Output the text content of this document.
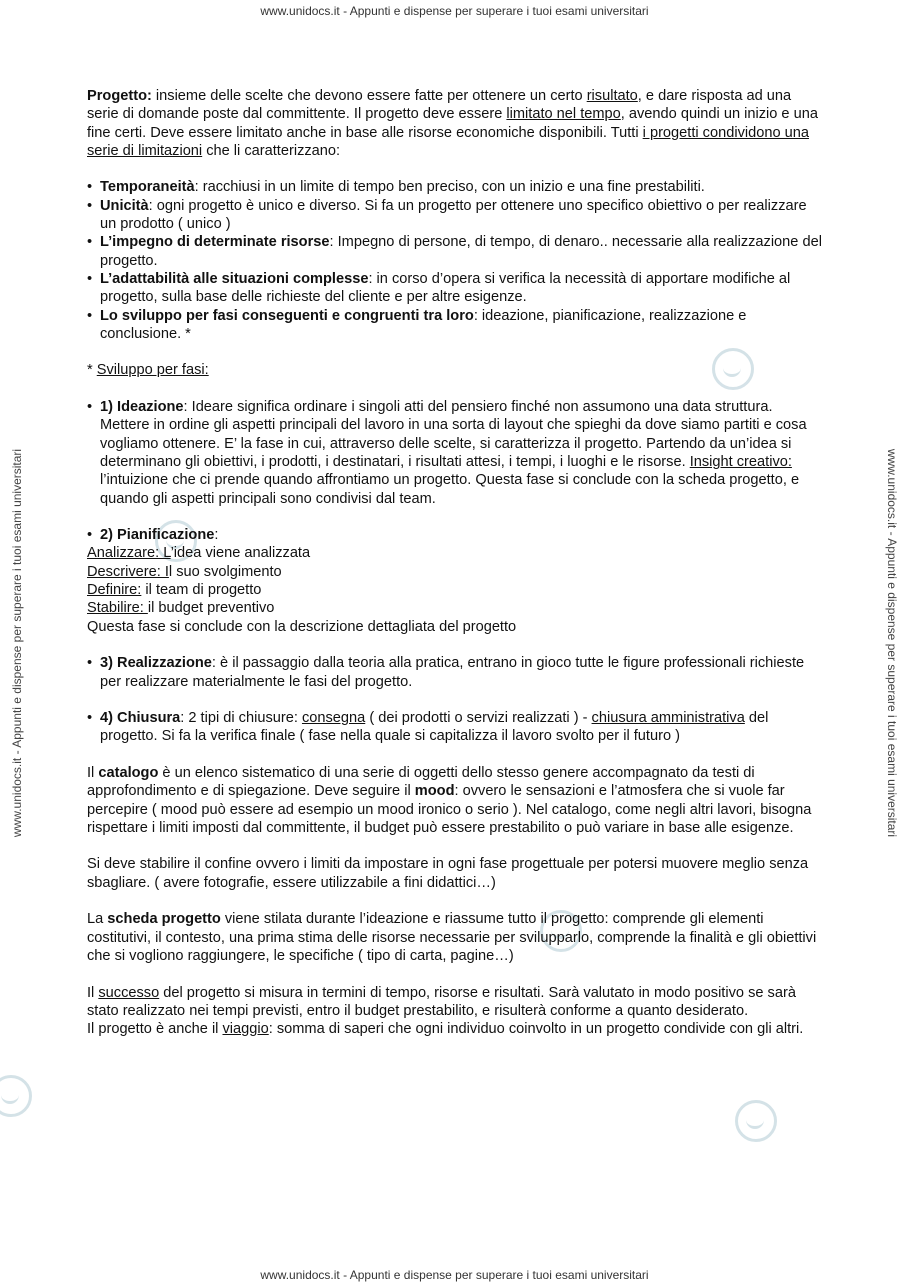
www.unidocs.it - Appunti e dispense per superare i tuoi esami universitari
www.unidocs.it - Appunti e dispense per superare i tuoi esami universitari
www.unidocs.it - Appunti e dispense per superare i tuoi esami universitari	www.unidocs.it - Appunti e dispense per superare i tuoi esami universitari

Progetto: insieme delle scelte che devono essere fatte per ottenere un certo risultato, e dare risposta ad una serie di domande poste dal committente. Il progetto deve essere limitato nel tempo, avendo quindi un inizio e una fine certi. Deve essere limitato anche in base alle risorse economiche disponibili. Tutti i progetti condividono una serie di limitazioni che li caratterizzano:

• Temporaneità: racchiusi in un limite di tempo ben preciso, con un inizio e una fine prestabiliti.

• Unicità: ogni progetto è unico e diverso. Si fa un progetto per ottenere uno specifico obiettivo o per realizzare un prodotto ( unico )

• L’impegno di determinate risorse: Impegno di persone, di tempo, di denaro.. necessarie alla realizzazione del progetto.

• L’adattabilità alle situazioni complesse: in corso d’opera si verifica la necessità di apportare modifiche al progetto, sulla base delle richieste del cliente e per altre esigenze.

• Lo sviluppo per fasi conseguenti e congruenti tra loro: ideazione, pianificazione, realizzazione e conclusione. *

* Sviluppo per fasi:

• 1) Ideazione: Ideare significa ordinare i singoli atti del pensiero finché non assumono una data struttura. Mettere in ordine gli aspetti principali del lavoro in una sorta di layout che spieghi da dove siamo partiti e cosa vogliamo ottenere. E’ la fase in cui, attraverso delle scelte, si caratterizza il progetto. Partendo da un’idea si determinano gli obiettivi, i prodotti, i destinatari, i risultati attesi, i tempi, i luoghi e le risorse. Insight creativo: l’intuizione che ci prende quando affrontiamo un progetto. Questa fase si conclude con la scheda progetto, e quando gli aspetti principali sono condivisi dal team.

• 2) Pianificazione:

Analizzare: L’idea viene analizzata

Descrivere: Il suo svolgimento

Definire: il team di progetto

Stabilire: il budget preventivo

Questa fase si conclude con la descrizione dettagliata del progetto

• 3) Realizzazione: è il passaggio dalla teoria alla pratica, entrano in gioco tutte le figure professionali richieste per realizzare materialmente le fasi del progetto.

• 4) Chiusura: 2 tipi di chiusure: consegna ( dei prodotti o servizi realizzati ) - chiusura amministrativa del progetto. Si fa la verifica finale ( fase nella quale si capitalizza il lavoro svolto per il futuro )

Il catalogo è un elenco sistematico di una serie di oggetti dello stesso genere accompagnato da testi di approfondimento e di spiegazione. Deve seguire il mood: ovvero le sensazioni e l’atmosfera che si vuole far percepire ( mood può essere ad esempio un mood ironico o serio ). Nel catalogo, come negli altri lavori, bisogna rispettare i limiti imposti dal committente, il budget può essere prestabilito o può variare in base alle esigenze.

Si deve stabilire il confine ovvero i limiti da impostare in ogni fase progettuale per potersi muovere meglio senza sbagliare. ( avere fotografie, essere utilizzabile a fini didattici…)

La scheda progetto viene stilata durante l’ideazione e riassume tutto il progetto: comprende gli elementi costitutivi, il contesto, una prima stima delle risorse necessarie per svilupparlo, comprende la finalità e gli obiettivi che si vogliono raggiungere, le specifiche ( tipo di carta, pagine…)

Il successo del progetto si misura in termini di tempo, risorse e risultati. Sarà valutato in modo positivo se sarà stato realizzato nei tempi previsti, entro il budget prestabilito, e risulterà conforme a quanto desiderato.

Il progetto è anche il viaggio: somma di saperi che ogni individuo coinvolto in un progetto condivide con gli altri.
